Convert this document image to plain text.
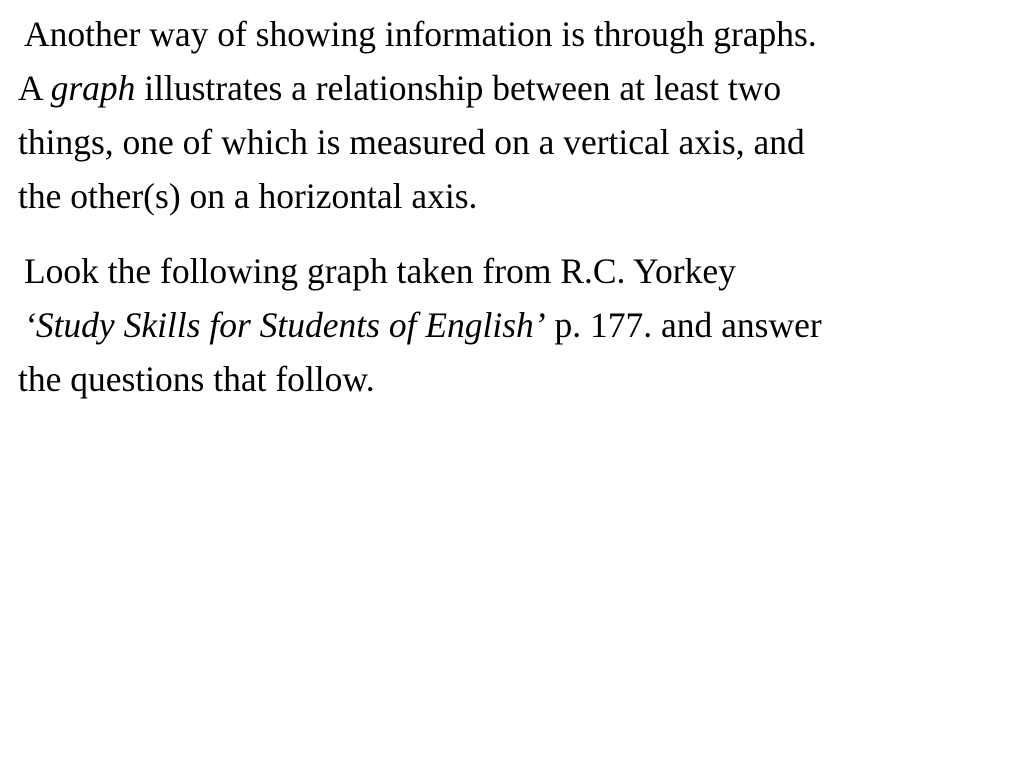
Another way of showing information is through graphs.
A graph illustrates a relationship between at least two
things, one of which is measured on a vertical axis, and
the other(s) on a horizontal axis.

Look the following graph taken from R.C. Yorkey
‘Study Skills for Students of English’ p. 177. and answer
the questions that follow.
